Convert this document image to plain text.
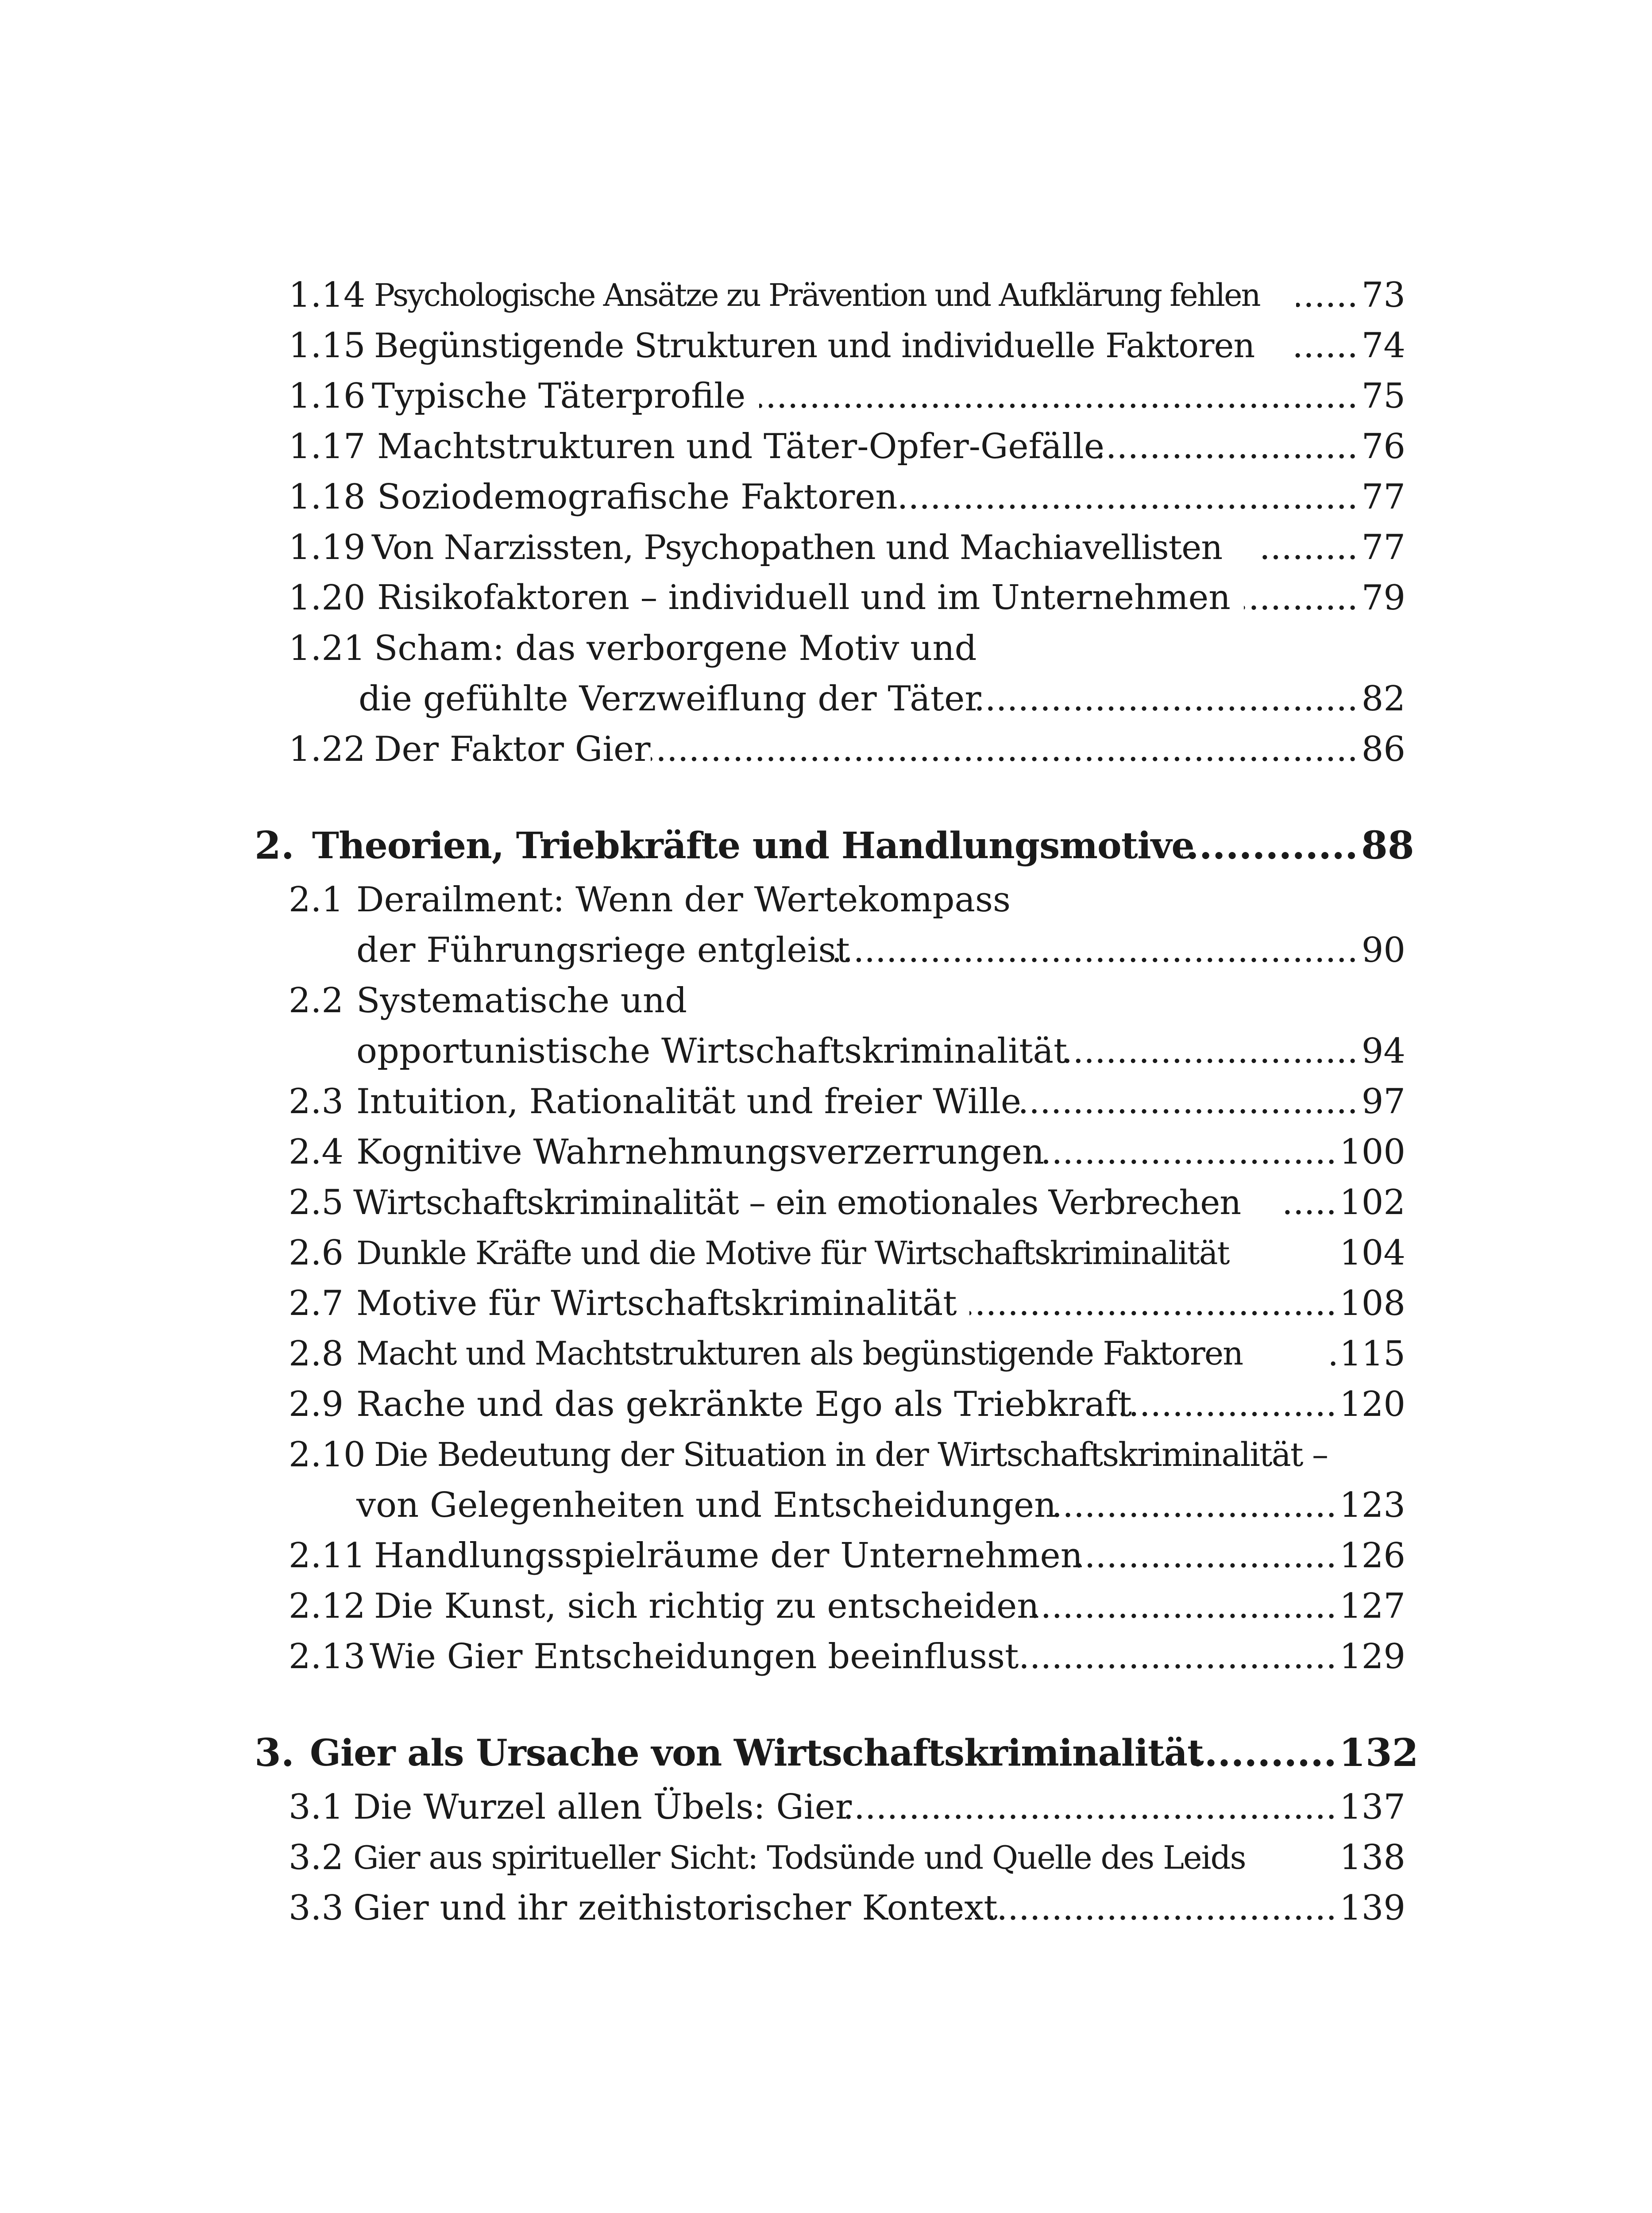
1.14 Psychologische Ansätze zu Prävention und Aufklärung fehlen .....	73
1.15 Begünstigende Strukturen und individuelle Faktoren .....	74
1.16 Typische Täterprofile .....	75
1.17 Machtstrukturen und Täter-Opfer-Gefälle .....	76
1.18 Soziodemografische Faktoren .....	77
1.19 Von Narzissten, Psychopathen und Machiavellisten .....	77
1.20 Risikofaktoren – individuell und im Unternehmen .....	79
1.21 Scham: das verborgene Motiv und
die gefühlte Verzweiflung der Täter .....	82
1.22 Der Faktor Gier .....	86
2. Theorien, Triebkräfte und Handlungsmotive .....	88
2.1 Derailment: Wenn der Wertekompass
der Führungsriege entgleist .....	90
2.2 Systematische und
opportunistische Wirtschaftskriminalität .....	94
2.3 Intuition, Rationalität und freier Wille .....	97
2.4 Kognitive Wahrnehmungsverzerrungen .....	100
2.5 Wirtschaftskriminalität – ein emotionales Verbrechen .....	102
2.6 Dunkle Kräfte und die Motive für Wirtschaftskriminalität	104
2.7 Motive für Wirtschaftskriminalität .....	108
2.8 Macht und Machtstrukturen als begünstigende Faktoren .....	115
2.9 Rache und das gekränkte Ego als Triebkraft .....	120
2.10 Die Bedeutung der Situation in der Wirtschaftskriminalität –
von Gelegenheiten und Entscheidungen .....	123
2.11 Handlungsspielräume der Unternehmen .....	126
2.12 Die Kunst, sich richtig zu entscheiden .....	127
2.13 Wie Gier Entscheidungen beeinflusst .....	129
3. Gier als Ursache von Wirtschaftskriminalität .....	132
3.1 Die Wurzel allen Übels: Gier .....	137
3.2 Gier aus spiritueller Sicht: Todsünde und Quelle des Leids	138
3.3 Gier und ihr zeithistorischer Kontext .....	139
